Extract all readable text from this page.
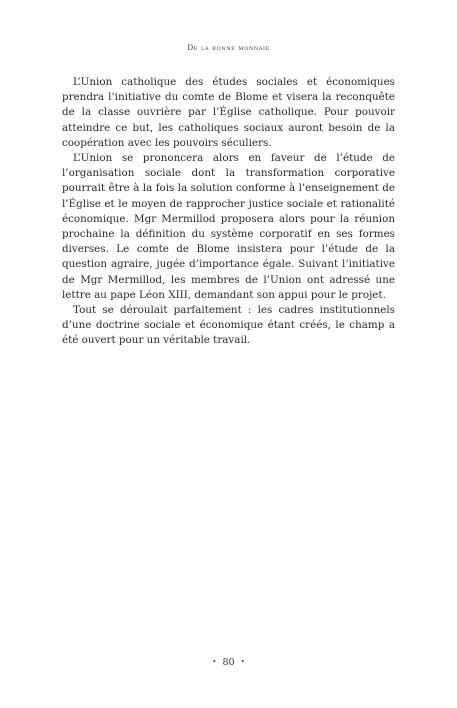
De la bonne monnaie

L’Union catholique des études sociales et économiques prendra l’initiative du comte de Blome et visera la reconquête de la classe ouvrière par l’Église catholique. Pour pouvoir atteindre ce but, les catholiques sociaux auront besoin de la coopération avec les pouvoirs séculiers.

L’Union se prononcera alors en faveur de l’étude de l’organisation sociale dont la transformation corporative pourrait être à la fois la solution conforme à l’enseignement de l’Église et le moyen de rapprocher justice sociale et rationalité économique. Mgr Mermillod proposera alors pour la réunion prochaine la définition du système corporatif en ses formes diverses. Le comte de Blome insistera pour l’étude de la question agraire, jugée d’importance égale. Suivant l’initiative de Mgr Mermillod, les membres de l’Union ont adressé une lettre au pape Léon XIII, demandant son appui pour le projet.

Tout se déroulait parfaitement : les cadres institutionnels d’une doctrine sociale et économique étant créés, le champ a été ouvert pour un véritable travail.

• 80 •
